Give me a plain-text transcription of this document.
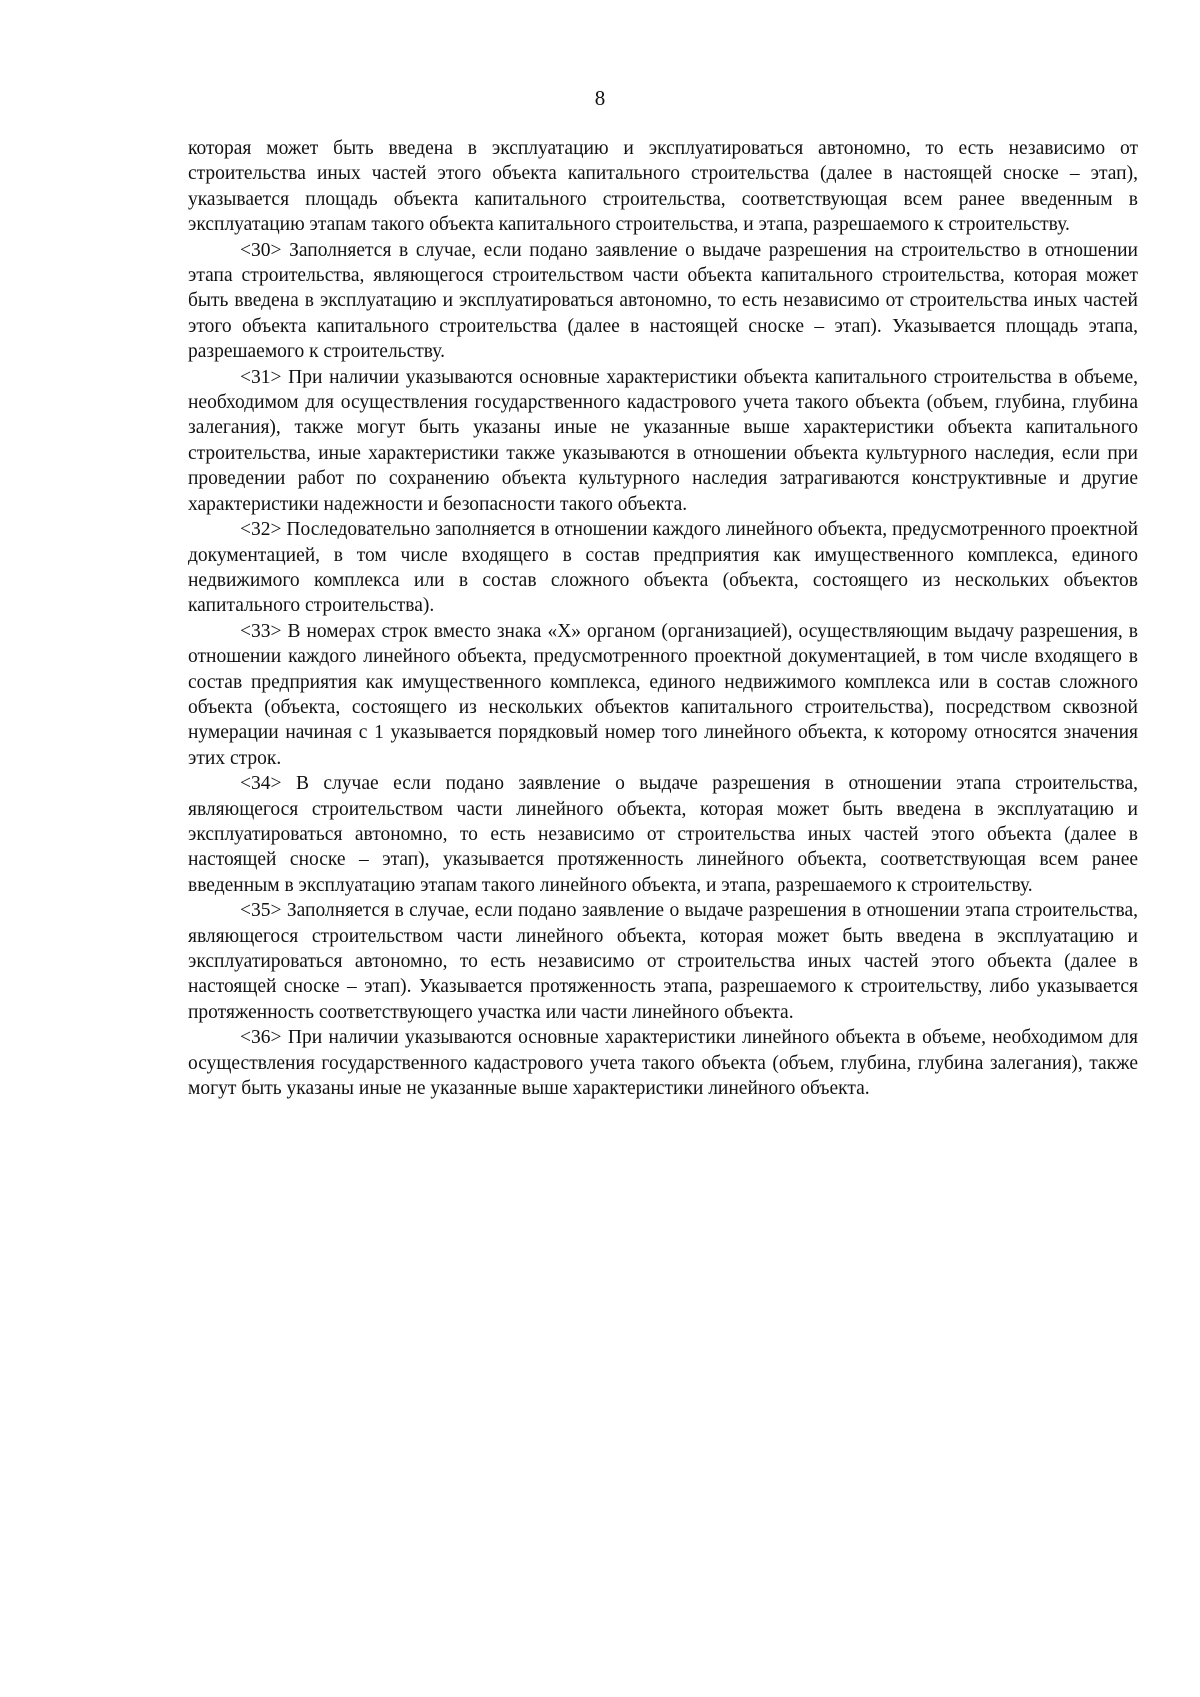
8

которая может быть введена в эксплуатацию и эксплуатироваться автономно, то есть независимо от строительства иных частей этого объекта капитального строительства (далее в настоящей сноске – этап), указывается площадь объекта капитального строительства, соответствующая всем ранее введенным в эксплуатацию этапам такого объекта капитального строительства, и этапа, разрешаемого к строительству.

<30> Заполняется в случае, если подано заявление о выдаче разрешения на строительство в отношении этапа строительства, являющегося строительством части объекта капитального строительства, которая может быть введена в эксплуатацию и эксплуатироваться автономно, то есть независимо от строительства иных частей этого объекта капитального строительства (далее в настоящей сноске – этап). Указывается площадь этапа, разрешаемого к строительству.

<31> При наличии указываются основные характеристики объекта капитального строительства в объеме, необходимом для осуществления государственного кадастрового учета такого объекта (объем, глубина, глубина залегания), также могут быть указаны иные не указанные выше характеристики объекта капитального строительства, иные характеристики также указываются в отношении объекта культурного наследия, если при проведении работ по сохранению объекта культурного наследия затрагиваются конструктивные и другие характеристики надежности и безопасности такого объекта.

<32> Последовательно заполняется в отношении каждого линейного объекта, предусмотренного проектной документацией, в том числе входящего в состав предприятия как имущественного комплекса, единого недвижимого комплекса или в состав сложного объекта (объекта, состоящего из нескольких объектов капитального строительства).

<33> В номерах строк вместо знака «Х» органом (организацией), осуществляющим выдачу разрешения, в отношении каждого линейного объекта, предусмотренного проектной документацией, в том числе входящего в состав предприятия как имущественного комплекса, единого недвижимого комплекса или в состав сложного объекта (объекта, состоящего из нескольких объектов капитального строительства), посредством сквозной нумерации начиная с 1 указывается порядковый номер того линейного объекта, к которому относятся значения этих строк.

<34> В случае если подано заявление о выдаче разрешения в отношении этапа строительства, являющегося строительством части линейного объекта, которая может быть введена в эксплуатацию и эксплуатироваться автономно, то есть независимо от строительства иных частей этого объекта (далее в настоящей сноске – этап), указывается протяженность линейного объекта, соответствующая всем ранее введенным в эксплуатацию этапам такого линейного объекта, и этапа, разрешаемого к строительству.

<35> Заполняется в случае, если подано заявление о выдаче разрешения в отношении этапа строительства, являющегося строительством части линейного объекта, которая может быть введена в эксплуатацию и эксплуатироваться автономно, то есть независимо от строительства иных частей этого объекта (далее в настоящей сноске – этап). Указывается протяженность этапа, разрешаемого к строительству, либо указывается протяженность соответствующего участка или части линейного объекта.

<36> При наличии указываются основные характеристики линейного объекта в объеме, необходимом для осуществления государственного кадастрового учета такого объекта (объем, глубина, глубина залегания), также могут быть указаны иные не указанные выше характеристики линейного объекта.
